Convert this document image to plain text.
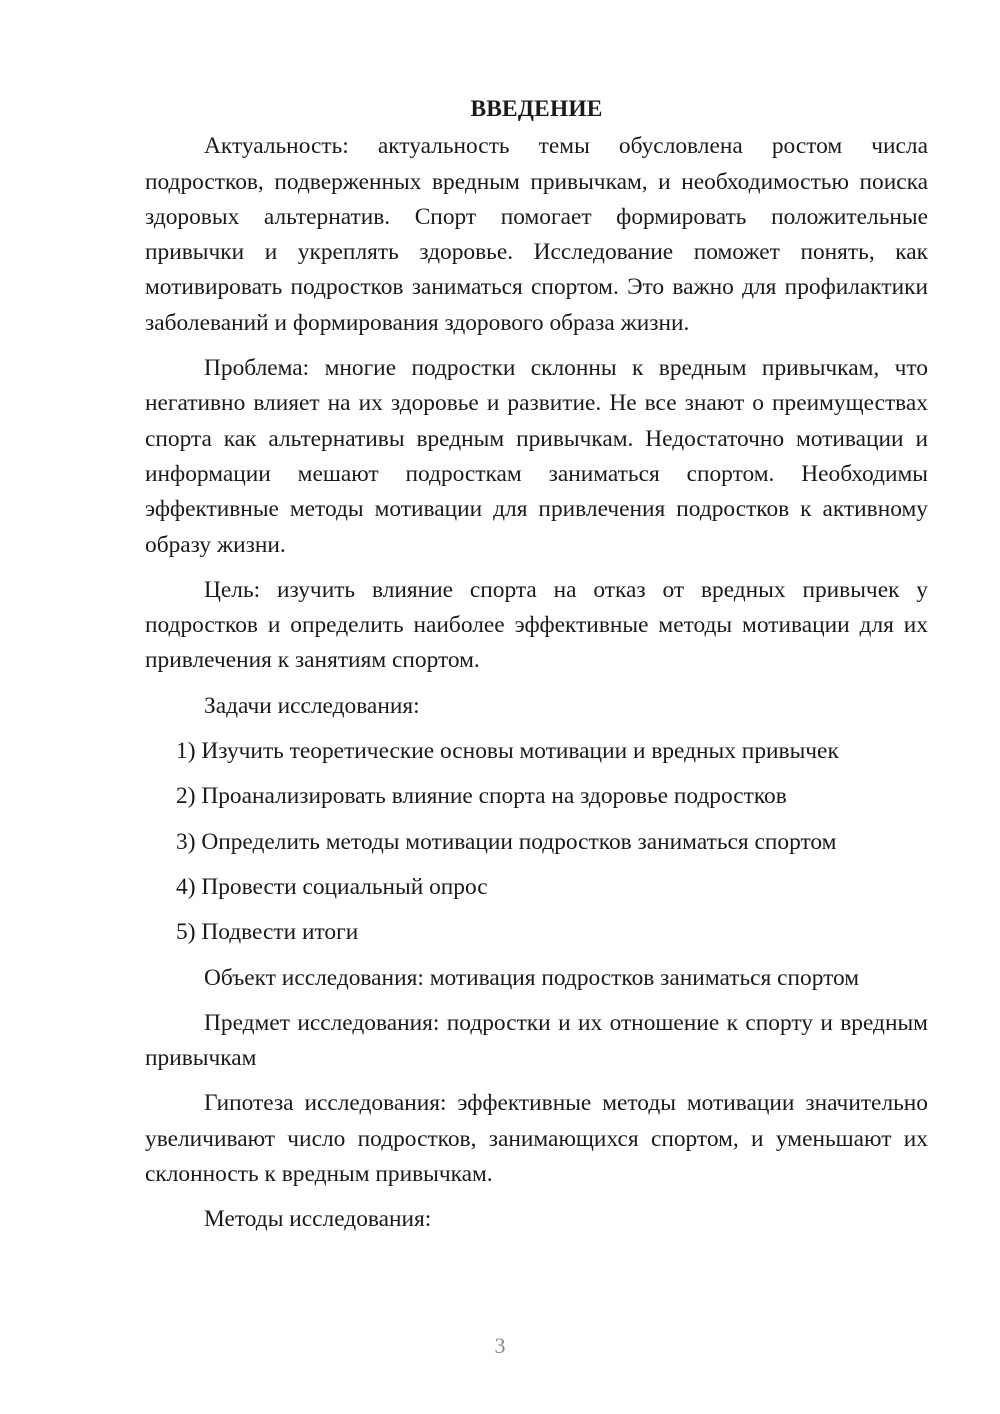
ВВЕДЕНИЕ

Актуальность: актуальность темы обусловлена ростом числа подростков, подверженных вредным привычкам, и необходимостью поиска здоровых альтернатив. Спорт помогает формировать положительные привычки и укреплять здоровье. Исследование поможет понять, как мотивировать подростков заниматься спортом. Это важно для профилактики заболеваний и формирования здорового образа жизни.

Проблема: многие подростки склонны к вредным привычкам, что негативно влияет на их здоровье и развитие. Не все знают о преимуществах спорта как альтернативы вредным привычкам. Недостаточно мотивации и информации мешают подросткам заниматься спортом. Необходимы эффективные методы мотивации для привлечения подростков к активному образу жизни.

Цель: изучить влияние спорта на отказ от вредных привычек у подростков и определить наиболее эффективные методы мотивации для их привлечения к занятиям спортом.

Задачи исследования:

1) Изучить теоретические основы мотивации и вредных привычек
2) Проанализировать влияние спорта на здоровье подростков
3) Определить методы мотивации подростков заниматься спортом
4) Провести социальный опрос
5) Подвести итоги

Объект исследования: мотивация подростков заниматься спортом

Предмет исследования: подростки и их отношение к спорту и вредным привычкам

Гипотеза исследования: эффективные методы мотивации значительно увеличивают число подростков, занимающихся спортом, и уменьшают их склонность к вредным привычкам.

Методы исследования:

3
